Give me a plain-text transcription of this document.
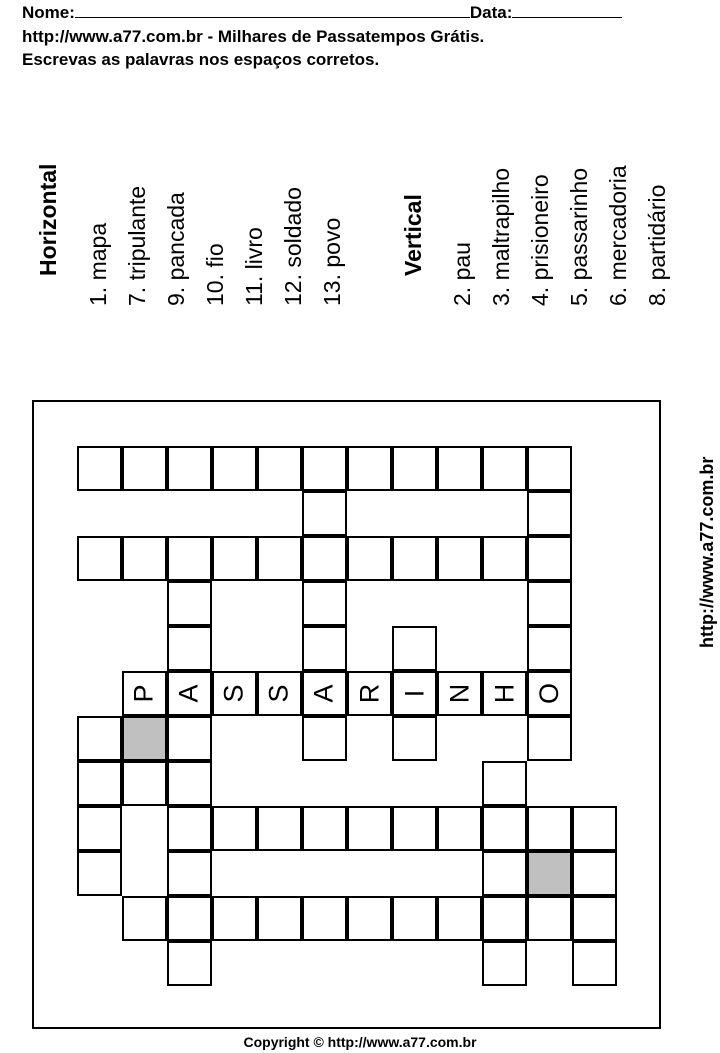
Nome:	Data:
http://www.a77.com.br - Milhares de Passatempos Grátis.
Escrevas as palavras nos espaços corretos.
Horizontal 1. mapa 7. tripulante 9. pancada 10. fio 11. livro 12. soldado 13. povo Vertical 2. pau 3. maltrapilho 4. prisioneiro 5. passarinho 6. mercadoria 8. partidário
P A S S A R I N H O
http://www.a77.com.br
Copyright © http://www.a77.com.br
